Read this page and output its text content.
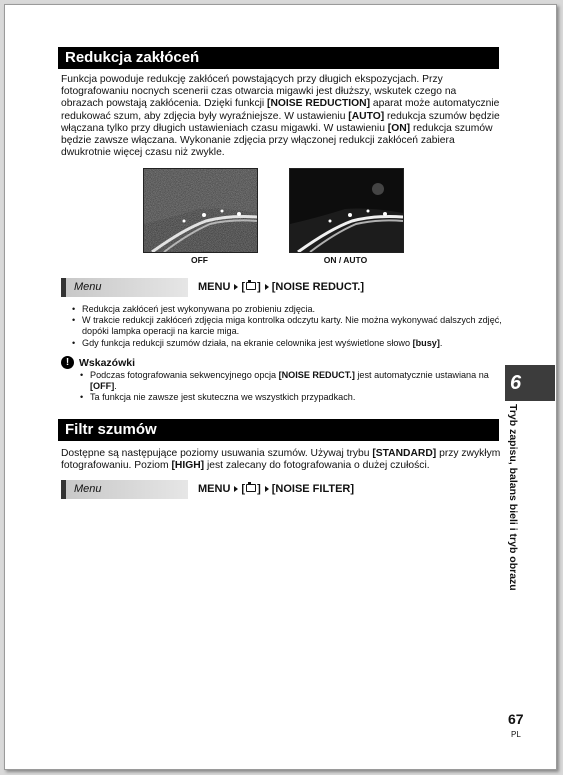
Redukcja zakłóceń

Funkcja powoduje redukcję zakłóceń powstających przy długich ekspozycjach. Przy fotografowaniu nocnych scenerii czas otwarcia migawki jest dłuższy, wskutek czego na obrazach powstają zakłócenia. Dzięki funkcji [NOISE REDUCTION] aparat może automatycznie redukować szum, aby zdjęcia były wyraźniejsze. W ustawieniu [AUTO] redukcja szumów będzie włączana tylko przy długich ustawieniach czasu migawki. W ustawieniu [ON] redukcja szumów będzie zawsze włączana. Wykonanie zdjęcia przy włączonej redukcji zakłóceń zabiera dwukrotnie więcej czasu niż zwykle.

OFF	ON / AUTO
Menu	MENU [ ] [NOISE REDUCT.]
• Redukcja zakłóceń jest wykonywana po zrobieniu zdjęcia.
• W trakcie redukcji zakłóceń zdjęcia miga kontrolka odczytu karty. Nie można wykonywać dalszych zdjęć, dopóki lampka operacji na karcie miga.
• Gdy funkcja redukcji szumów działa, na ekranie celownika jest wyświetlone słowo [busy].
! Wskazówki
• Podczas fotografowania sekwencyjnego opcja [NOISE REDUCT.] jest automatycznie ustawiana na [OFF].
• Ta funkcja nie zawsze jest skuteczna we wszystkich przypadkach.
Filtr szumów

Dostępne są następujące poziomy usuwania szumów. Używaj trybu [STANDARD] przy zwykłym fotografowaniu. Poziom [HIGH] jest zalecany do fotografowania o dużej czułości.

Menu	MENU [ ] [NOISE FILTER]
6
Tryb zapisu, balans bieli i tryb obrazu
67
PL
